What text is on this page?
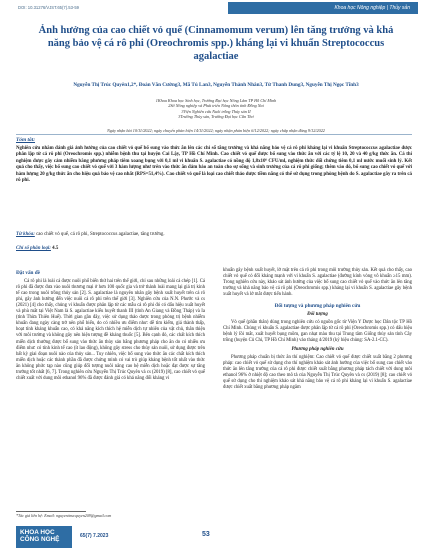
DOI: 10.31276/VJST.65(7).53-59	Khoa học Nông nghiệp | Thủy sản
Ảnh hưởng của cao chiết vỏ quế (Cinnamomum verum) lên tăng trưởng và khả năng bảo vệ cá rô phi (Oreochromis spp.) kháng lại vi khuẩn Streptococcus agalactiae
Nguyễn Thị Trúc Quyên1,2*, Đoàn Văn Cường3, Mã Tú Lan3, Nguyễn Thành Nhân3, Từ Thanh Dung3, Nguyễn Thị Ngọc Tĩnh3
1Khoa Khoa học Sinh học, Trường Đại học Nông Lâm TP Hồ Chí Minh
2Sở Nông nghiệp và Phát triển Nông thôn tỉnh Đồng Nai
3Viện Nghiên cứu Nuôi trồng Thủy sản II
3Trường Thủy sản, Trường Đại học Cần Thơ
Ngày nhận bài 10/11/2022; ngày chuyển phản biện 14/11/2022; ngày nhận phản biện 6/12/2022; ngày chấp nhận đăng 9/12/2022
Tóm tắt:
Nghiên cứu nhằm đánh giá ảnh hưởng của cao chiết vỏ quế bổ sung vào thức ăn lên các chỉ số tăng trưởng và khả năng bảo vệ cá rô phi kháng lại vi khuẩn Streptococcus agalactiae được phân lập từ cá rô phi (Oreochromis spp.) nhiễm bệnh thu tại huyện Cai Lậy, TP Hồ Chí Minh. Cao chiết vỏ quế được bổ sung vào thức ăn với các tỷ lệ 10, 20 và 40 g/kg thức ăn. Cá thí nghiệm được gây cảm nhiễm bằng phương pháp tiêm xoang bụng với 0,1 ml vi khuẩn S. agalactiae có nồng độ 1,8x10⁶ CFU/ml, nghiệm thức đối chứng tiêm 0,1 ml nước muối sinh lý. Kết quả cho thấy, việc bổ sung cao chiết vỏ quế với 3 hàm lượng như trên vào thức ăn đảm bảo an toàn cho sự sống và sinh trưởng của cá rô phi giống; thêm vào đó, bổ sung cao chiết vỏ quế với hàm lượng 20 g/kg thức ăn cho hiệu quả bảo vệ cao nhất (RPS=51,4%). Cao chiết vỏ quế là loại cao chiết thảo dược tiềm năng có thể sử dụng trong phòng bệnh do S. agalactiae gây ra trên cá rô phi.
Từ khóa: cao chiết vỏ quế, cá rô phi, Streptococcus agalactiae, tăng trưởng.
Chỉ số phân loại: 4.5
Đặt vấn đề

Cá rô phi là loài cá được nuôi phổ biến thứ hai trên thế giới, chỉ sau những loài cá chép [1]. Cá rô phi đã được đưa vào nuôi thương mại ở hơn 100 quốc gia và trở thành loài mang lại giá trị kinh tế cao trong nuôi trồng thủy sản [2]. S. agalactiae là nguyên nhân gây bệnh xuất huyết trên cá rô phi, gây ảnh hưởng đến việc nuôi cá rô phi trên thế giới [3]. Nghiên cứu của N.N. Phước và cs (2021) [4] cho thấy, chủng vi khuẩn được phân lập từ các mẫu cá rô phi đó có dấu hiệu xuất huyết và phù mắt tại Việt Nam là S. agalactiae kiểu huyết thanh III (tỉnh An Giang và Đồng Tháp) và Ia (tỉnh Thừa Thiên Huế). Thời gian gần đây, việc sử dụng thảo dược trong phòng trị bệnh nhiễm khuẩn đang ngày càng trở nên phổ biến, do có nhiều ưu điểm như: dễ tìm kiếm, giá thành thấp, hoạt tính kháng khuẩn cao, có khả năng kích thích hệ miễn dịch tự nhiên của vật chủ, thân thiện với môi trường và không gây nên hiện tượng đề kháng thuốc [5]. Bên cạnh đó, các chất kích thích miễn dịch thường được bổ sung vào thức ăn thủy sản bằng phương pháp cho ăn do có nhiều ưu điểm như: có tính kinh tế cao (ít lao động), không gây stress cho thủy sản nuôi, sử dụng được trên bất kỳ giai đoạn nuôi nào của thủy sản... Tuy nhiên, việc bổ sung vào thức ăn các chất kích thích miễn dịch hoặc các thành phần đã được chứng minh có vai trò giúp kháng bệnh tốt nhất vào thức ăn không phức tạp nào cũng giúp đối tượng nuôi nâng cao hệ miễn dịch hoặc đạt được sự tăng trưởng tốt nhất [6, 7]. Trong nghiên cứu Nguyễn Thị Trúc Quyên và cs (2019) [8], cao chiết vỏ quế chiết xuất với dung môi ethanol 96% đã được đánh giá có khả năng đối kháng vi

khuẩn gây bệnh xuất huyết, lở mặt trên cá rô phi trong môi trường thủy sản. Kết quả cho thấy, cao chiết vỏ quế có đối kháng mạnh với vi khuẩn S. agalactiae (đường kính vòng vô khuẩn ≥15 mm). Trong nghiên cứu này, khảo sát ảnh hưởng của việc bổ sung cao chiết vỏ quế vào thức ăn lên tăng trưởng và khả năng bảo vệ cá rô phi (Oreochromis spp.) kháng lại vi khuẩn S. agalactiae gây bệnh xuất huyết và lở mắt được tiến hành.

Đối tượng và phương pháp nghiên cứu
Đối tượng

Vỏ quế (phần thân) dùng trong nghiên cứu có nguồn gốc từ Viện Y Dược học Dân tộc TP Hồ Chí Minh. Chủng vi khuẩn S. agalactiae được phân lập từ cá rô phi (Oreochromis spp.) có dấu hiệu bệnh lý lồi mắt, xuất huyết bụng mõm, gan nhạt màu thu tại Trung tâm Giống thủy sản tỉnh Cây trồng (huyện Củ Chi, TP Hồ Chí Minh) vào tháng 4/2019 (ký hiệu chủng: SA-2.1-CC).

Phương pháp nghiên cứu

Phương pháp chuẩn bị thức ăn thí nghiệm: Cao chiết vỏ quế được chiết xuất bằng 2 phương pháp: cao chiết vỏ quế sử dụng cho thí nghiệm khảo sát ảnh hưởng của việc bổ sung cao chiết vào thức ăn lên tăng trưởng của cá rô phi được chiết xuất bằng phương pháp tách chiết với dung môi ethanol 96% ở nhiệt độ cao theo mô tả của Nguyễn Thị Trúc Quyên và cs (2019) [8]; cao chiết vỏ quế sử dụng cho thí nghiệm khảo sát khả năng bảo vệ cá rô phi kháng lại vi khuẩn S. agalactiae được chiết xuất bằng phương pháp ngâm

*Tác giả liên hệ: Email: nguyenttrucquyen209@gmail.com
KHOA HỌC
CÔNG NGHỆ	65(7) 7.2023	53
